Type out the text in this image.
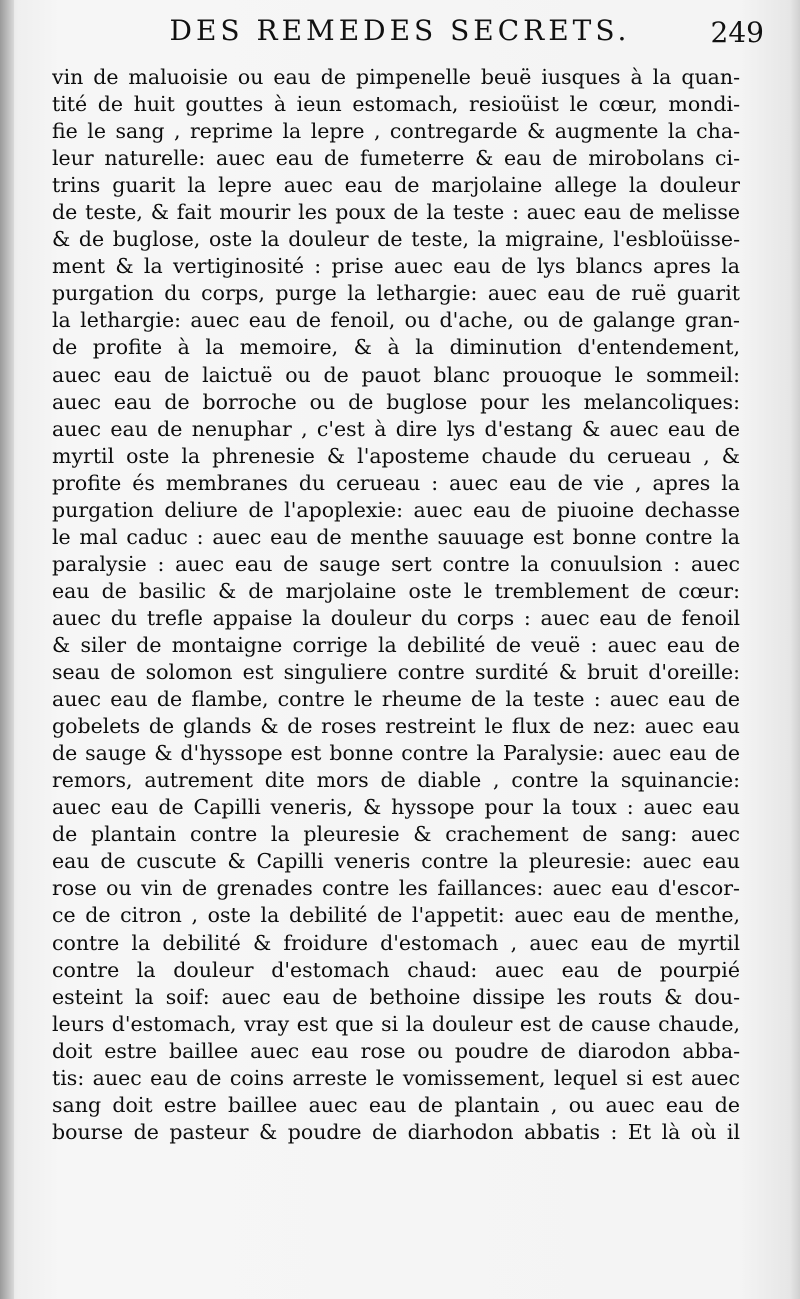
DES REMEDES SECRETS.	249
vin de maluoisie ou eau de pimpenelle beuë iusques à la quan-
tité de huit gouttes à ieun estomach, resioüist le cœur, mondi-
fie le sang , reprime la lepre , contregarde & augmente la cha-
leur naturelle: auec eau de fumeterre & eau de mirobolans ci-
trins guarit la lepre auec eau de marjolaine allege la douleur
de teste, & fait mourir les poux de la teste : auec eau de melisse
& de buglose, oste la douleur de teste, la migraine, l'esbloüisse-
ment & la vertiginosité : prise auec eau de lys blancs apres la
purgation du corps, purge la lethargie: auec eau de ruë guarit
la lethargie: auec eau de fenoil, ou d'ache, ou de galange gran-
de profite à la memoire, & à la diminution d'entendement,
auec eau de laictuë ou de pauot blanc prouoque le sommeil:
auec eau de borroche ou de buglose pour les melancoliques:
auec eau de nenuphar , c'est à dire lys d'estang & auec eau de
myrtil oste la phrenesie & l'aposteme chaude du cerueau , &
profite és membranes du cerueau : auec eau de vie , apres la
purgation deliure de l'apoplexie: auec eau de piuoine dechasse
le mal caduc : auec eau de menthe sauuage est bonne contre la
paralysie : auec eau de sauge sert contre la conuulsion : auec
eau de basilic & de marjolaine oste le tremblement de cœur:
auec du trefle appaise la douleur du corps : auec eau de fenoil
& siler de montaigne corrige la debilité de veuë : auec eau de
seau de solomon est singuliere contre surdité & bruit d'oreille:
auec eau de flambe, contre le rheume de la teste : auec eau de
gobelets de glands & de roses restreint le flux de nez: auec eau
de sauge & d'hyssope est bonne contre la Paralysie: auec eau de
remors, autrement dite mors de diable , contre la squinancie:
auec eau de Capilli veneris, & hyssope pour la toux : auec eau
de plantain contre la pleuresie & crachement de sang: auec
eau de cuscute & Capilli veneris contre la pleuresie: auec eau
rose ou vin de grenades contre les faillances: auec eau d'escor-
ce de citron , oste la debilité de l'appetit: auec eau de menthe,
contre la debilité & froidure d'estomach , auec eau de myrtil
contre la douleur d'estomach chaud: auec eau de pourpié
esteint la soif: auec eau de bethoine dissipe les routs & dou-
leurs d'estomach, vray est que si la douleur est de cause chaude,
doit estre baillee auec eau rose ou poudre de diarodon abba-
tis: auec eau de coins arreste le vomissement, lequel si est auec
sang doit estre baillee auec eau de plantain , ou auec eau de
bourse de pasteur & poudre de diarhodon abbatis : Et là où il
